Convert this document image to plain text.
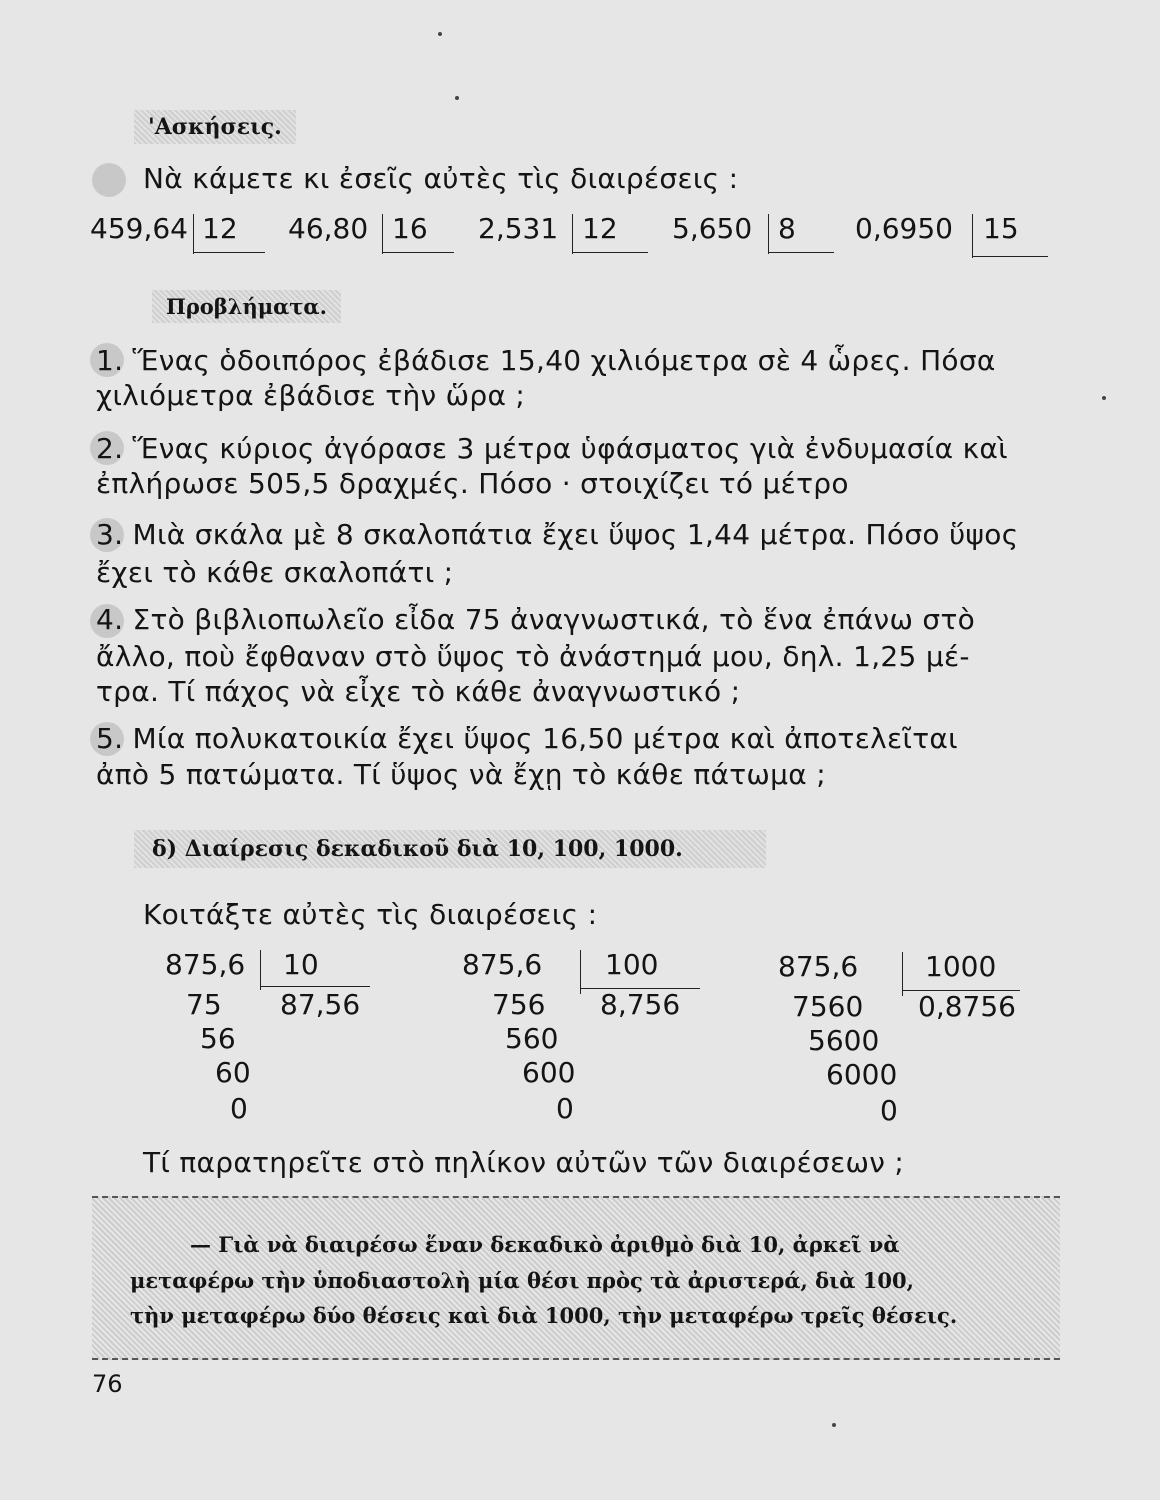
'Ασκήσεις.
Νὰ κάμετε κι ἐσεῖς αὐτὲς τὶς διαιρέσεις :
459,64 12 46,80 16 2,531 12 5,650 8 0,6950 15
Προβλήματα.
1. Ἕνας ὁδοιπόρος ἐβάδισε 15,40 χιλιόμετρα σὲ 4 ὧρες. Πόσα
χιλιόμετρα ἐβάδισε τὴν ὥρα ;
2. Ἕνας κύριος ἀγόρασε 3 μέτρα ὑφάσματος γιὰ ἐνδυμασία καὶ
ἐπλήρωσε 505,5 δραχμές. Πόσο · στοιχίζει τό μέτρο
3. Μιὰ σκάλα μὲ 8 σκαλοπάτια ἔχει ὕψος 1,44 μέτρα. Πόσο ὕψος
ἔχει τὸ κάθε σκαλοπάτι ;
4. Στὸ βιβλιοπωλεῖο εἶδα 75 ἀναγνωστικά, τὸ ἕνα ἐπάνω στὸ
ἄλλο, ποὺ ἔφθαναν στὸ ὕψος τὸ ἀνάστημά μου, δηλ. 1,25 μέ-
τρα. Τί πάχος νὰ εἶχε τὸ κάθε ἀναγνωστικό ;
5. Μία πολυκατοικία ἔχει ὕψος 16,50 μέτρα καὶ ἀποτελεῖται
ἀπὸ 5 πατώματα. Τί ὕψος νὰ ἔχῃ τὸ κάθε πάτωμα ;
δ) Διαίρεσις δεκαδικοῦ διὰ 10, 100, 1000.
Κοιτάξτε αὐτὲς τὶς διαιρέσεις :
875,6 10
87,56
75
56
60
0
875,6 100
8,756
756
560
600
0
875,6 1000
0,8756
7560
5600
6000
0
Τί παρατηρεῖτε στὸ πηλίκον αὐτῶν τῶν διαιρέσεων ;
— Γιὰ νὰ διαιρέσω ἕναν δεκαδικὸ ἀριθμὸ διὰ 10, ἀρκεῖ νὰ
μεταφέρω τὴν ὑποδιαστολὴ μία θέσι πρὸς τὰ ἀριστερά, διὰ 100,
τὴν μεταφέρω δύο θέσεις καὶ διὰ 1000, τὴν μεταφέρω τρεῖς θέσεις.
76
